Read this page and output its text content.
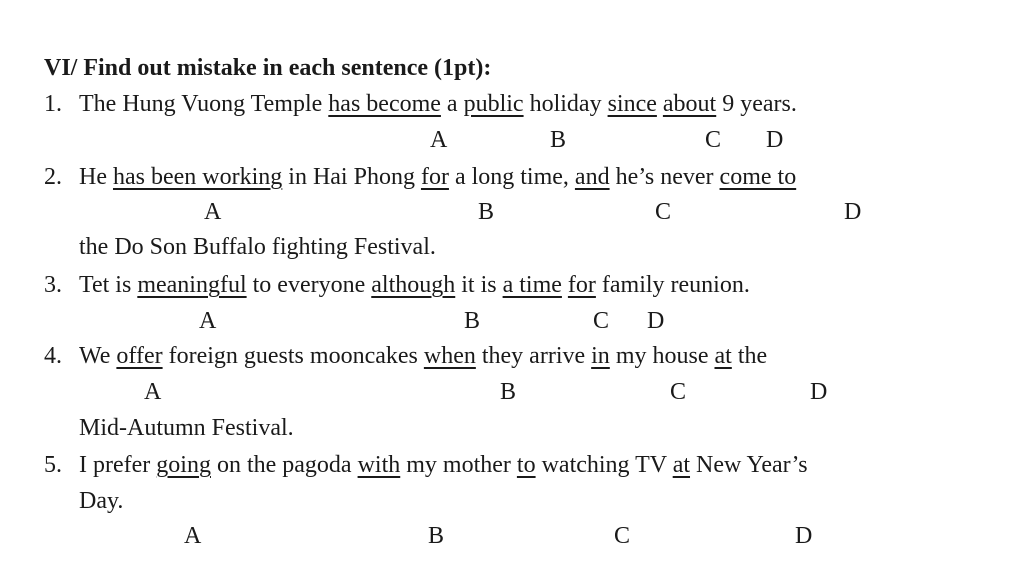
VI/ Find out mistake in each sentence (1pt):
1. The Hung Vuong Temple has become a public holiday since about 9 years.
A	B	C D
2. He has been working in Hai Phong for a long time, and he’s never come to
A	B	C	D
the Do Son Buffalo fighting Festival.
3. Tet is meaningful to everyone although it is a time for family reunion.
A	B	C D
4. We offer foreign guests mooncakes when they arrive in my house at the
A	B	C	D
Mid-Autumn Festival.
5. I prefer going on the pagoda with my mother to watching TV at New Year’s
Day.
A	B	C	D
